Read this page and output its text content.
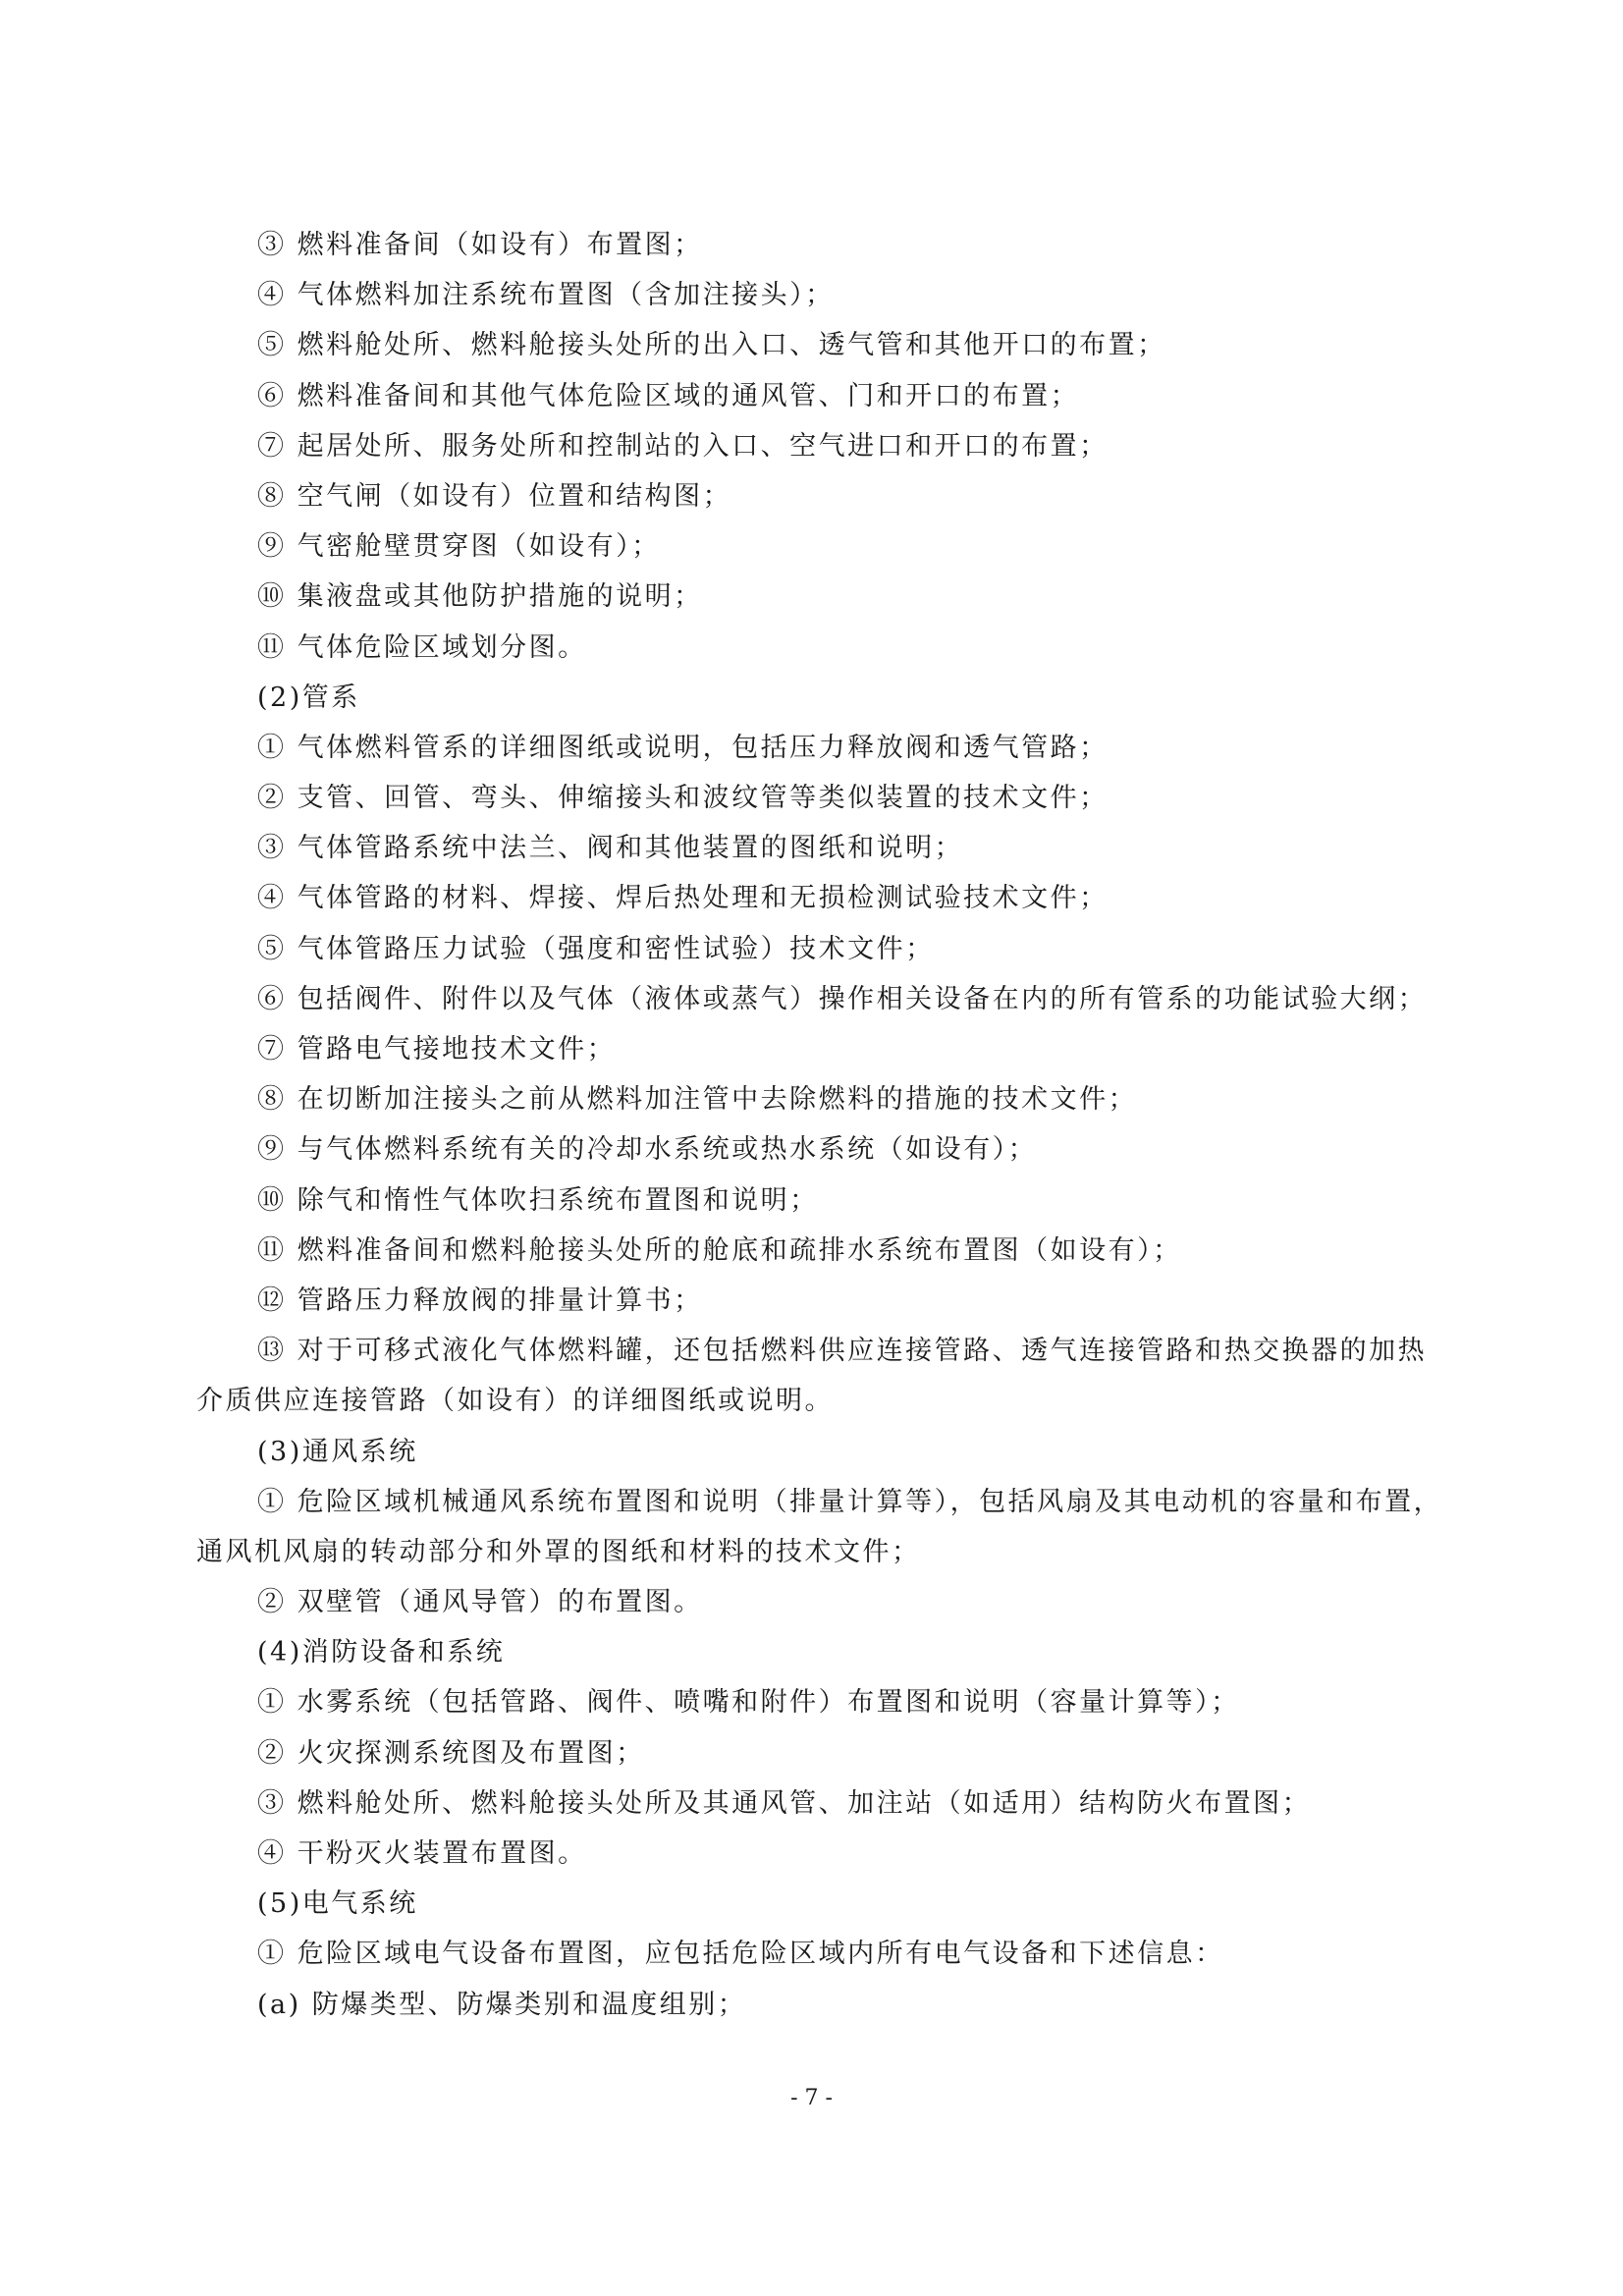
③ 燃料准备间（如设有）布置图；
④ 气体燃料加注系统布置图（含加注接头）；
⑤ 燃料舱处所、燃料舱接头处所的出入口、透气管和其他开口的布置；
⑥ 燃料准备间和其他气体危险区域的通风管、门和开口的布置；
⑦ 起居处所、服务处所和控制站的入口、空气进口和开口的布置；
⑧ 空气闸（如设有）位置和结构图；
⑨ 气密舱壁贯穿图（如设有）；
⑩ 集液盘或其他防护措施的说明；
⑪ 气体危险区域划分图。
(2)管系
① 气体燃料管系的详细图纸或说明，包括压力释放阀和透气管路；
② 支管、回管、弯头、伸缩接头和波纹管等类似装置的技术文件；
③ 气体管路系统中法兰、阀和其他装置的图纸和说明；
④ 气体管路的材料、焊接、焊后热处理和无损检测试验技术文件；
⑤ 气体管路压力试验（强度和密性试验）技术文件；
⑥ 包括阀件、附件以及气体（液体或蒸气）操作相关设备在内的所有管系的功能试验大纲；
⑦ 管路电气接地技术文件；
⑧ 在切断加注接头之前从燃料加注管中去除燃料的措施的技术文件；
⑨ 与气体燃料系统有关的冷却水系统或热水系统（如设有）；
⑩ 除气和惰性气体吹扫系统布置图和说明；
⑪ 燃料准备间和燃料舱接头处所的舱底和疏排水系统布置图（如设有）；
⑫ 管路压力释放阀的排量计算书；
⑬ 对于可移式液化气体燃料罐，还包括燃料供应连接管路、透气连接管路和热交换器的加热
介质供应连接管路（如设有）的详细图纸或说明。
(3)通风系统
① 危险区域机械通风系统布置图和说明（排量计算等），包括风扇及其电动机的容量和布置，
通风机风扇的转动部分和外罩的图纸和材料的技术文件；
② 双壁管（通风导管）的布置图。
(4)消防设备和系统
① 水雾系统（包括管路、阀件、喷嘴和附件）布置图和说明（容量计算等）；
② 火灾探测系统图及布置图；
③ 燃料舱处所、燃料舱接头处所及其通风管、加注站（如适用）结构防火布置图；
④ 干粉灭火装置布置图。
(5)电气系统
① 危险区域电气设备布置图，应包括危险区域内所有电气设备和下述信息：
(a) 防爆类型、防爆类别和温度组别；
- 7 -
